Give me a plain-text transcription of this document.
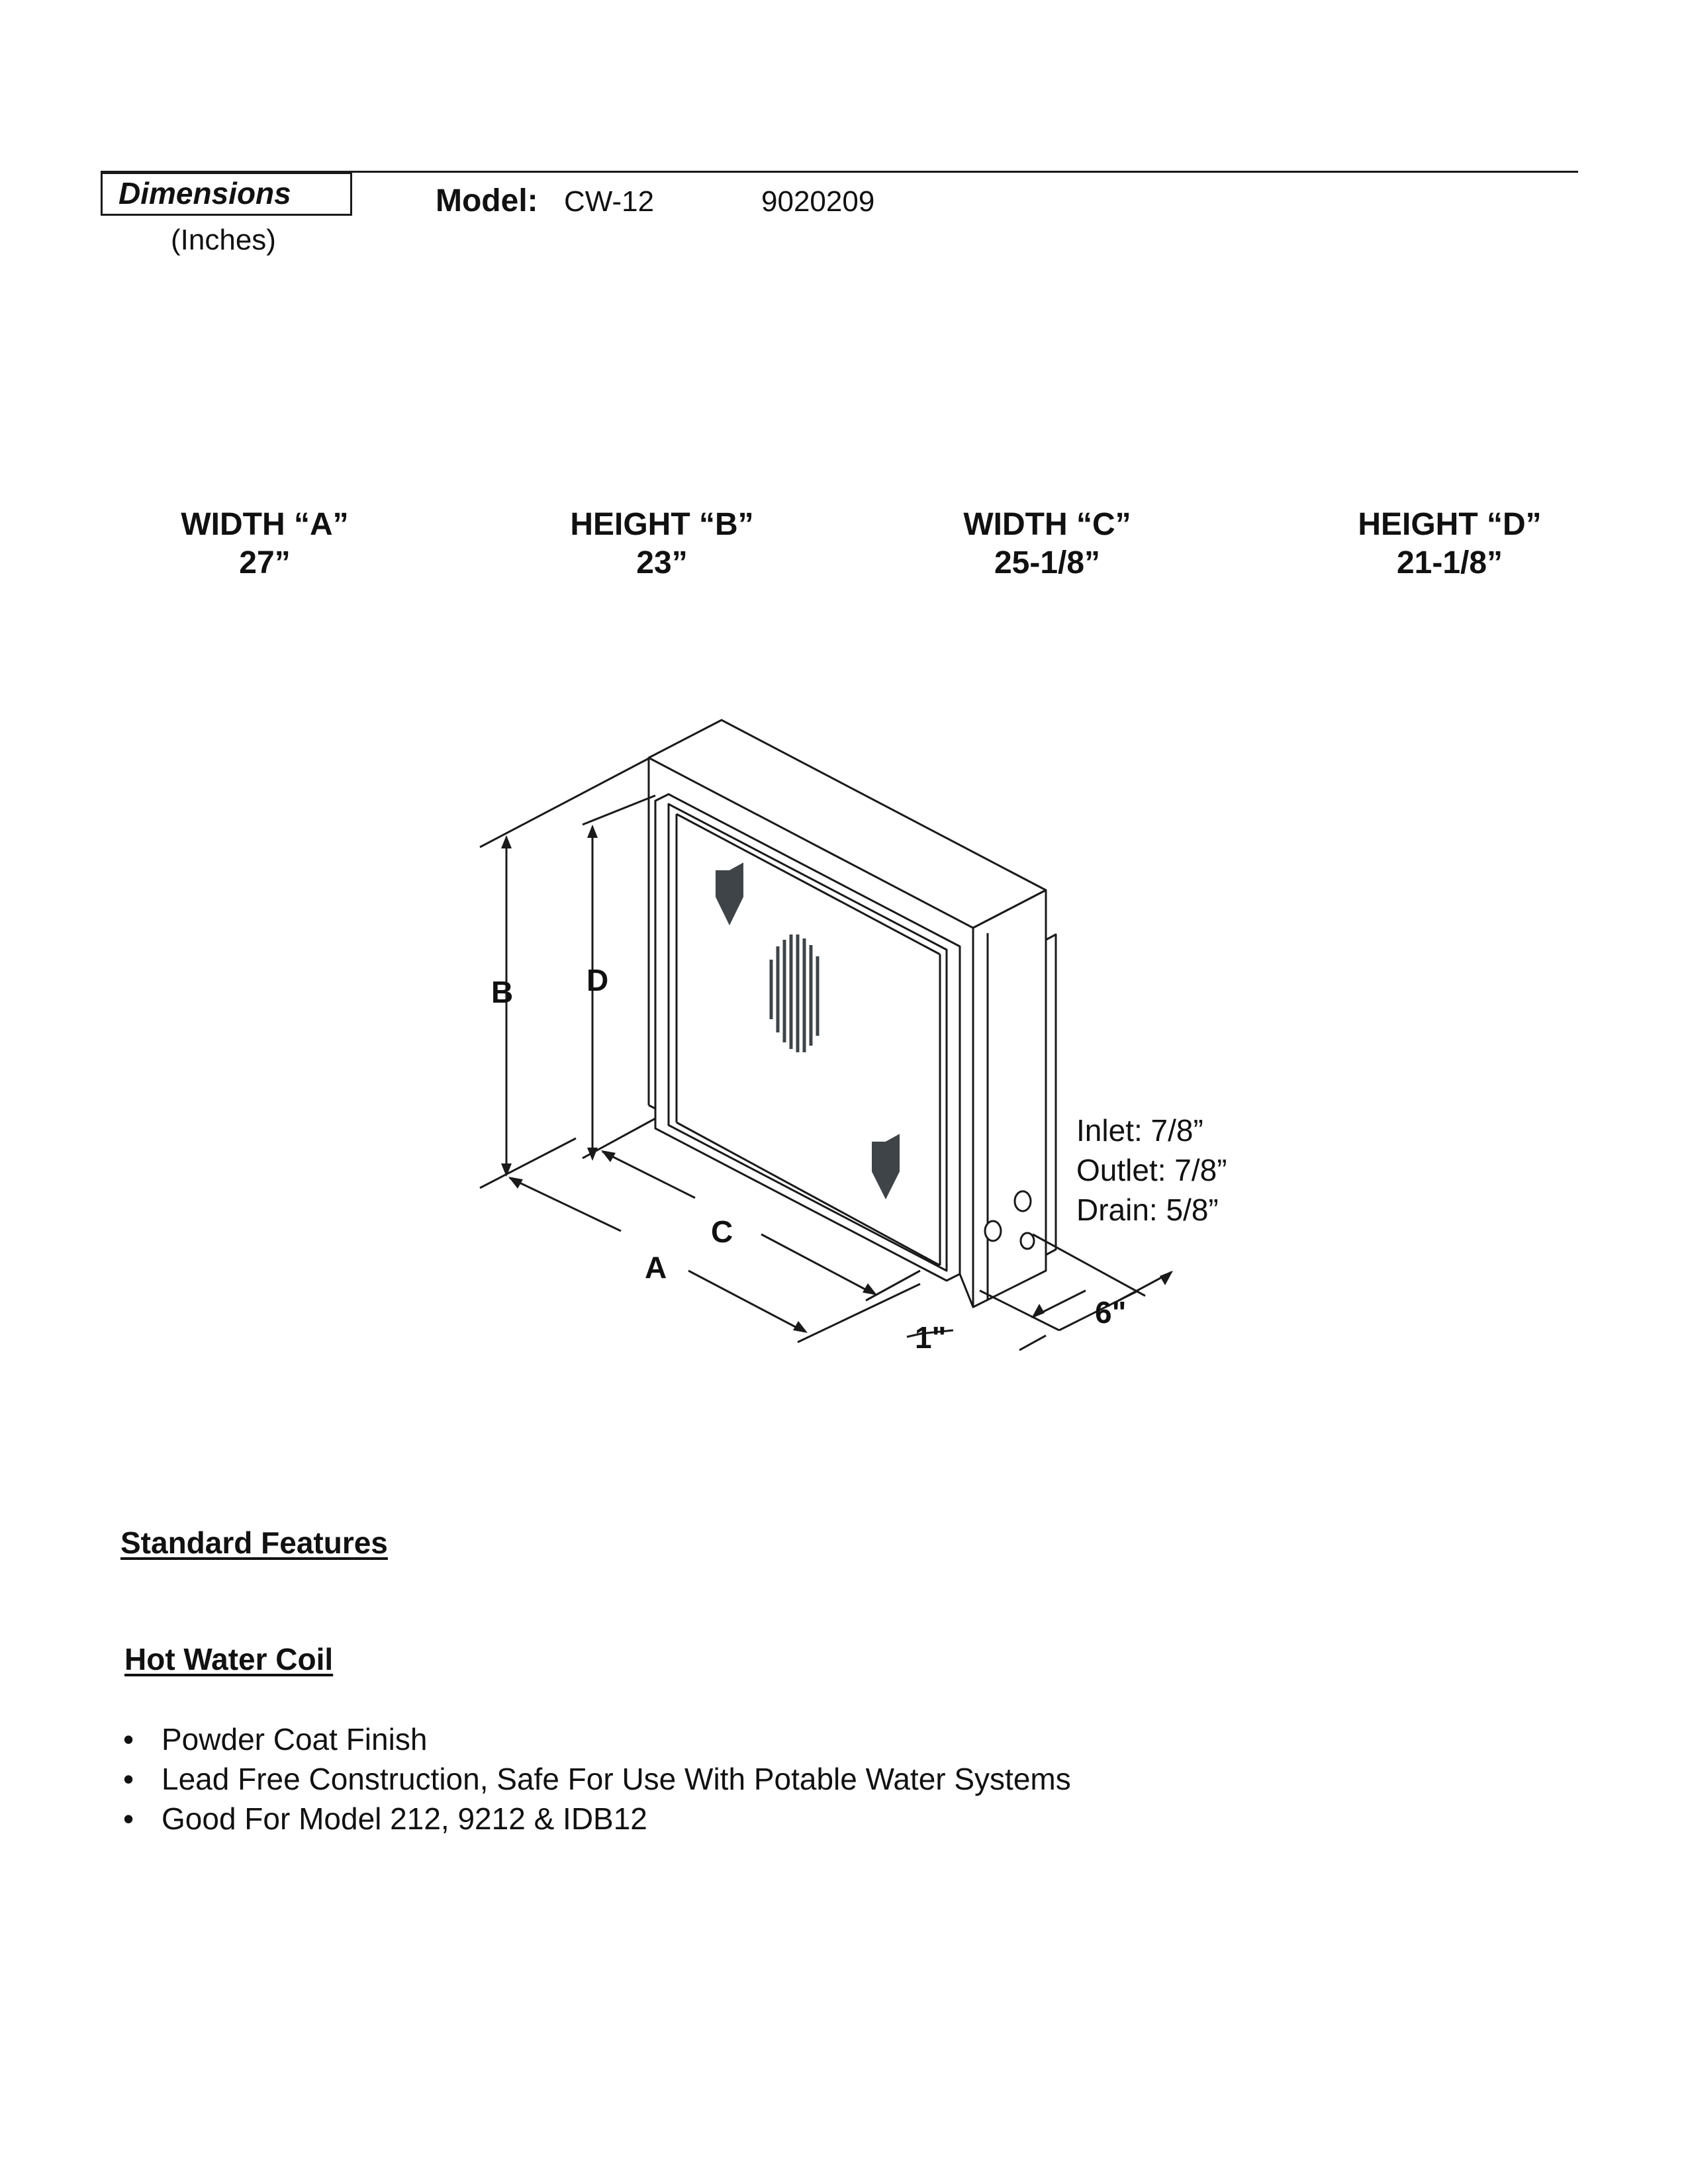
Dimensions
(Inches)
Model: CW-12	9020209
WIDTH “A”
27”
HEIGHT “B”
23”
WIDTH “C”
25-1/8”
HEIGHT “D”
21-1/8”
B D
C
A
6"
1"
Inlet: 7/8”
Outlet: 7/8”
Drain: 5/8”
Standard Features
Hot Water Coil
• Powder Coat Finish
• Lead Free Construction, Safe For Use With Potable Water Systems
• Good For Model 212, 9212 & IDB12
